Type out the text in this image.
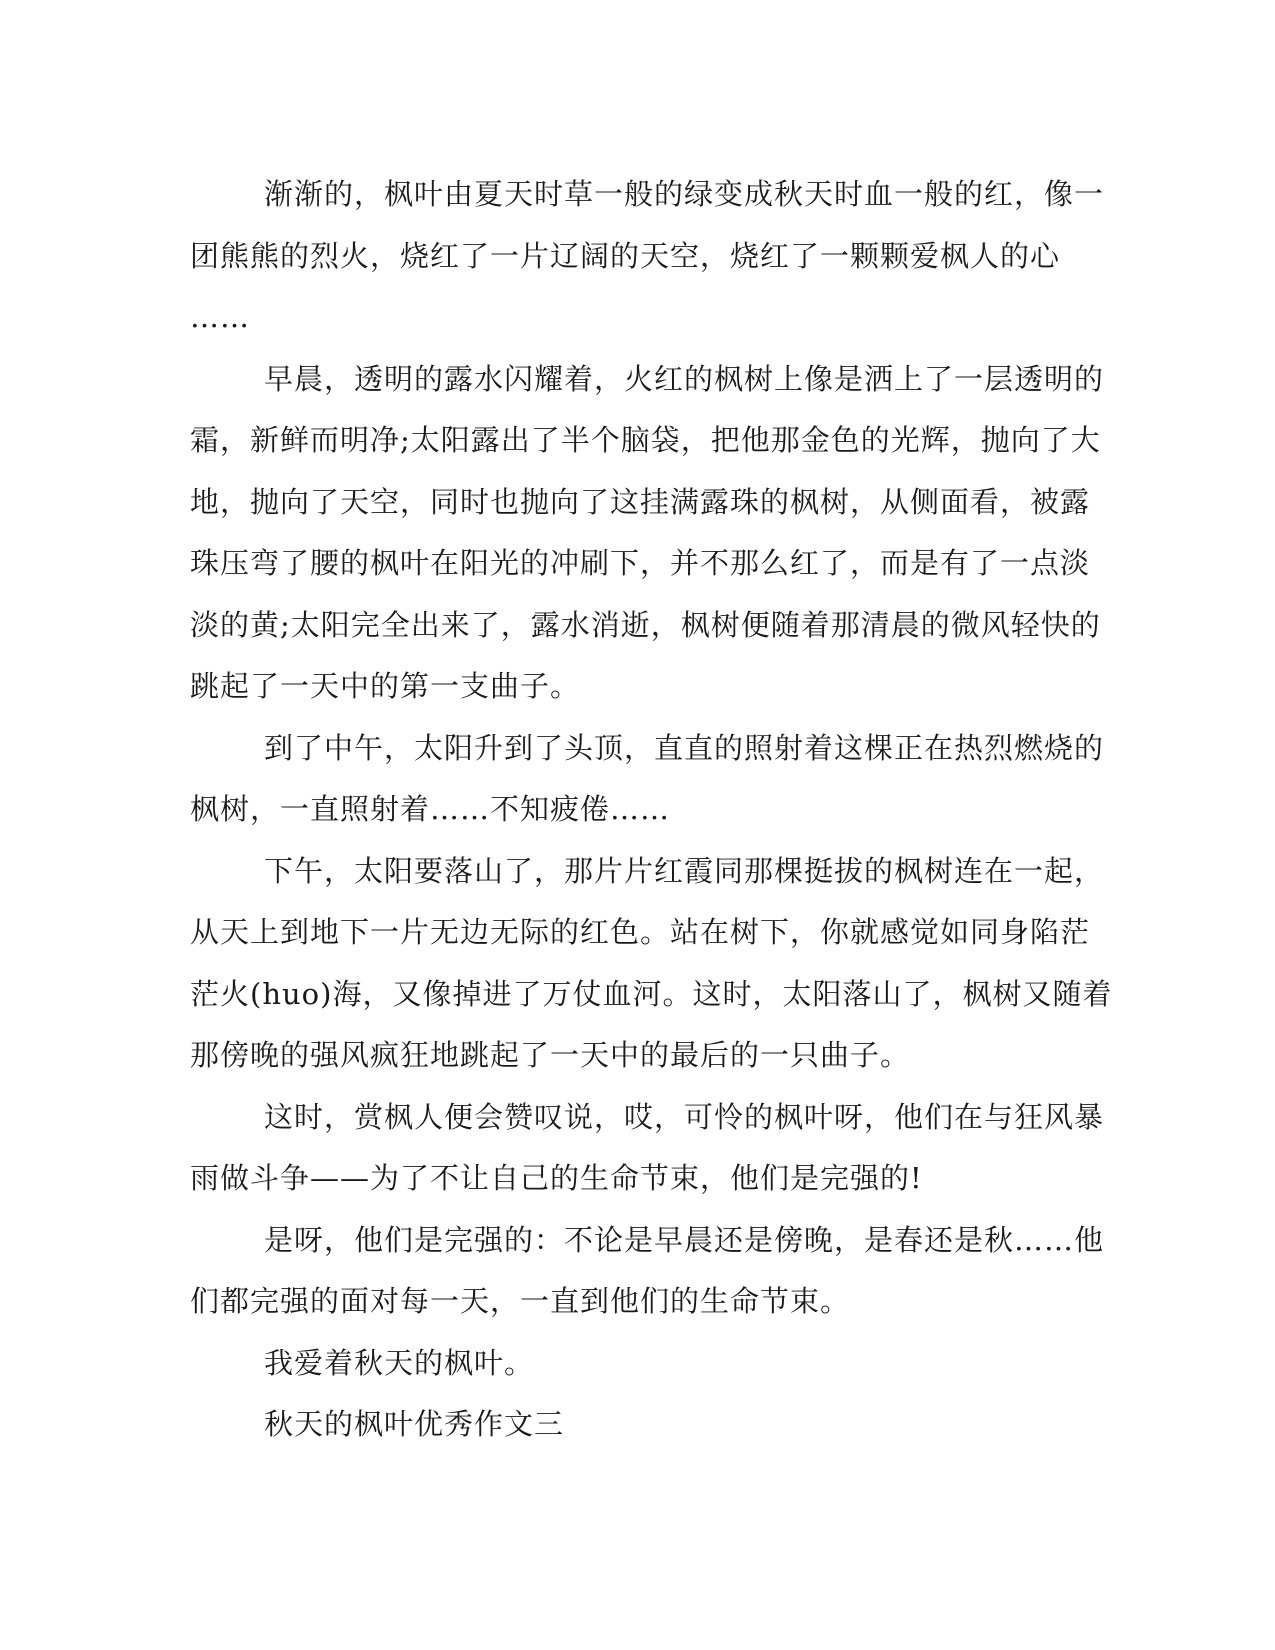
渐渐的，枫叶由夏天时草一般的绿变成秋天时血一般的红，像一
团熊熊的烈火，烧红了一片辽阔的天空，烧红了一颗颗爱枫人的心
……
早晨，透明的露水闪耀着，火红的枫树上像是洒上了一层透明的
霜，新鲜而明净;太阳露出了半个脑袋，把他那金色的光辉，抛向了大
地，抛向了天空，同时也抛向了这挂满露珠的枫树，从侧面看，被露
珠压弯了腰的枫叶在阳光的冲刷下，并不那么红了，而是有了一点淡
淡的黄;太阳完全出来了，露水消逝，枫树便随着那清晨的微风轻快的
跳起了一天中的第一支曲子。
到了中午，太阳升到了头顶，直直的照射着这棵正在热烈燃烧的
枫树，一直照射着……不知疲倦……
下午，太阳要落山了，那片片红霞同那棵挺拔的枫树连在一起，
从天上到地下一片无边无际的红色。站在树下，你就感觉如同身陷茫
茫火(huo)海，又像掉进了万仗血河。这时，太阳落山了，枫树又随着
那傍晚的强风疯狂地跳起了一天中的最后的一只曲子。
这时，赏枫人便会赞叹说，哎，可怜的枫叶呀，他们在与狂风暴
雨做斗争——为了不让自己的生命节束，他们是完强的!
是呀，他们是完强的：不论是早晨还是傍晚，是春还是秋……他
们都完强的面对每一天，一直到他们的生命节束。
我爱着秋天的枫叶。
秋天的枫叶优秀作文三
